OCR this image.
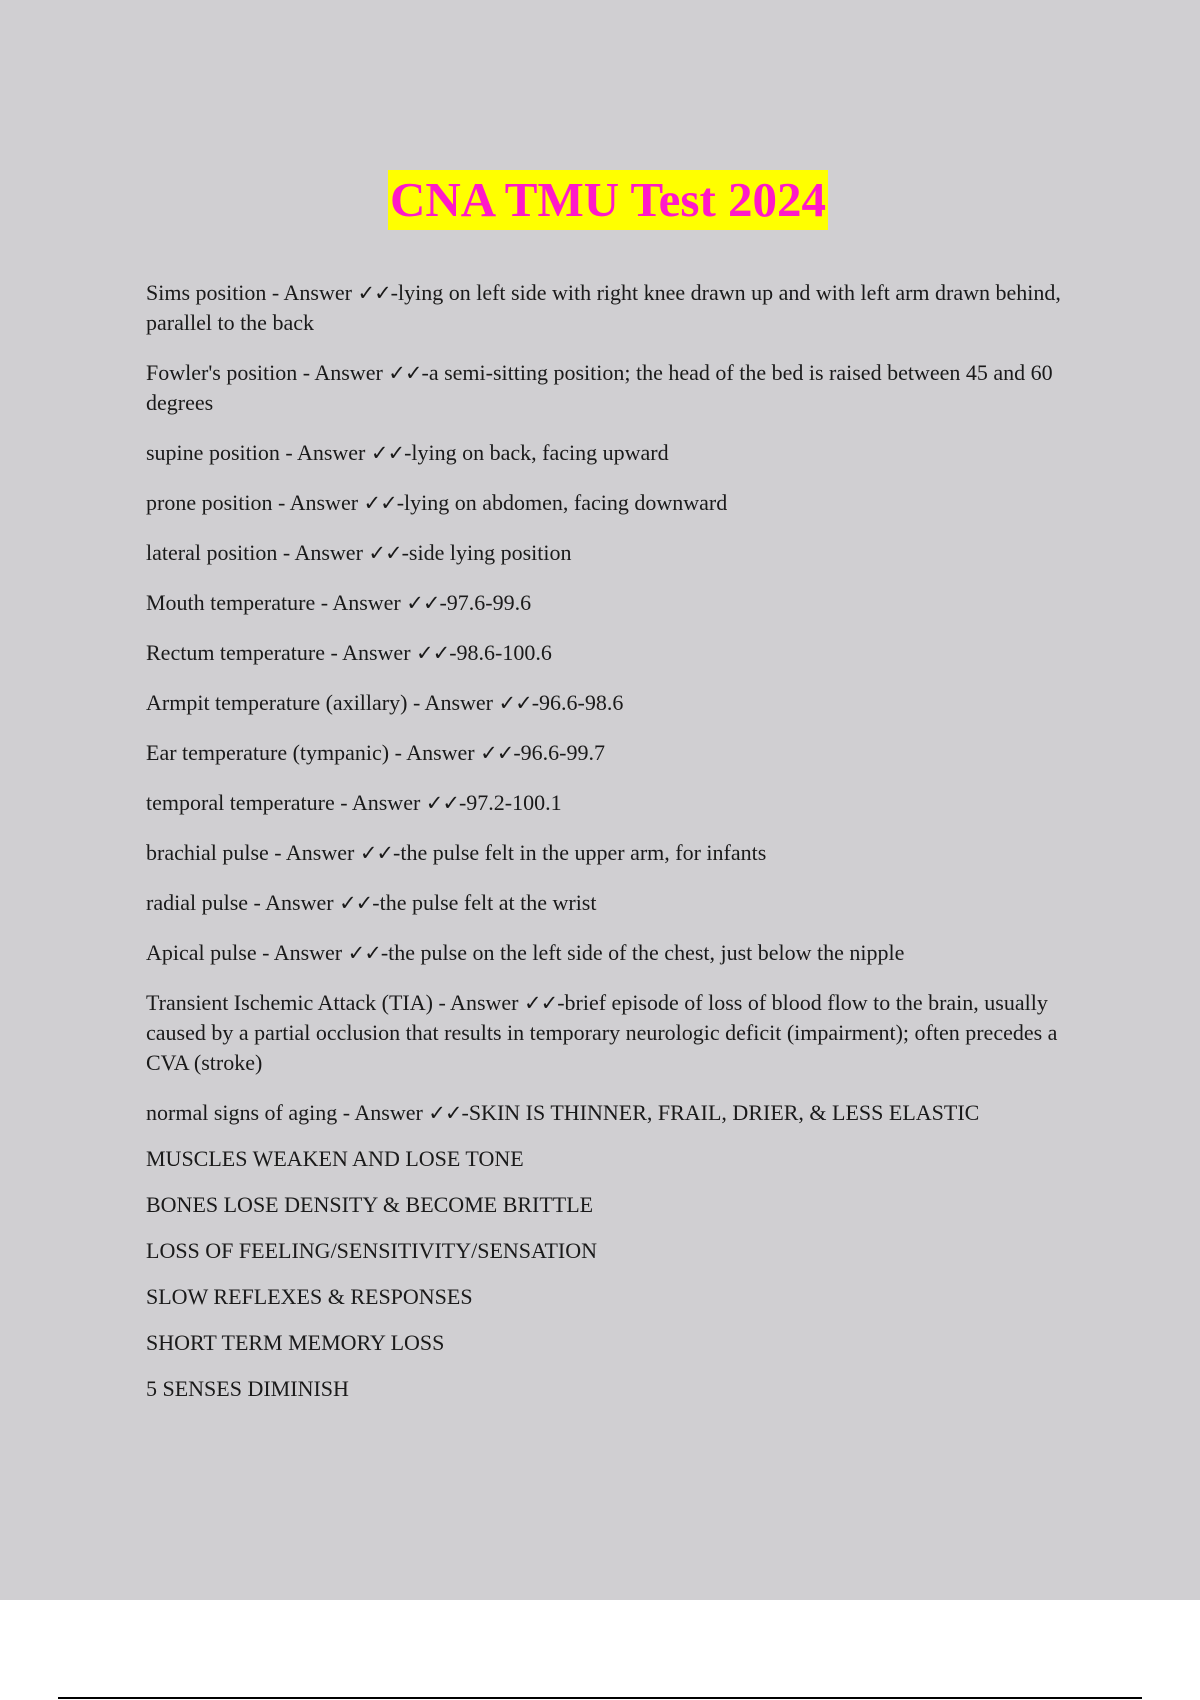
CNA TMU Test 2024

Sims position - Answer ✓✓-lying on left side with right knee drawn up and with left arm drawn behind, parallel to the back

Fowler's position - Answer ✓✓-a semi-sitting position; the head of the bed is raised between 45 and 60 degrees

supine position - Answer ✓✓-lying on back, facing upward

prone position - Answer ✓✓-lying on abdomen, facing downward

lateral position - Answer ✓✓-side lying position

Mouth temperature - Answer ✓✓-97.6-99.6

Rectum temperature - Answer ✓✓-98.6-100.6

Armpit temperature (axillary) - Answer ✓✓-96.6-98.6

Ear temperature (tympanic) - Answer ✓✓-96.6-99.7

temporal temperature - Answer ✓✓-97.2-100.1

brachial pulse - Answer ✓✓-the pulse felt in the upper arm, for infants

radial pulse - Answer ✓✓-the pulse felt at the wrist

Apical pulse - Answer ✓✓-the pulse on the left side of the chest, just below the nipple

Transient Ischemic Attack (TIA) - Answer ✓✓-brief episode of loss of blood flow to the brain, usually caused by a partial occlusion that results in temporary neurologic deficit (impairment); often precedes a CVA (stroke)

normal signs of aging - Answer ✓✓-SKIN IS THINNER, FRAIL, DRIER, & LESS ELASTIC

MUSCLES WEAKEN AND LOSE TONE

BONES LOSE DENSITY & BECOME BRITTLE

LOSS OF FEELING/SENSITIVITY/SENSATION

SLOW REFLEXES & RESPONSES

SHORT TERM MEMORY LOSS

5 SENSES DIMINISH
